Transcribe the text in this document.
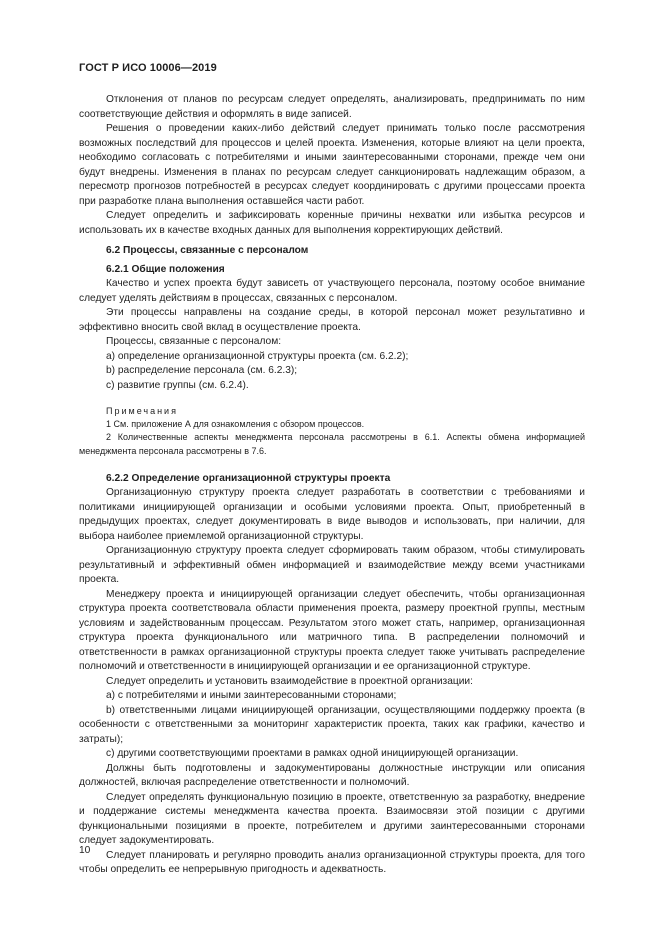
ГОСТ Р ИСО 10006—2019

Отклонения от планов по ресурсам следует определять, анализировать, предпринимать по ним соответствующие действия и оформлять в виде записей.

Решения о проведении каких-либо действий следует принимать только после рассмотрения возможных последствий для процессов и целей проекта. Изменения, которые влияют на цели проекта, необходимо согласовать с потребителями и иными заинтересованными сторонами, прежде чем они будут внедрены. Изменения в планах по ресурсам следует санкционировать надлежащим образом, а пересмотр прогнозов потребностей в ресурсах следует координировать с другими процессами проекта при разработке плана выполнения оставшейся части работ.

Следует определить и зафиксировать коренные причины нехватки или избытка ресурсов и использовать их в качестве входных данных для выполнения корректирующих действий.

6.2 Процессы, связанные с персоналом

6.2.1 Общие положения

Качество и успех проекта будут зависеть от участвующего персонала, поэтому особое внимание следует уделять действиям в процессах, связанных с персоналом.

Эти процессы направлены на создание среды, в которой персонал может результативно и эффективно вносить свой вклад в осуществление проекта.

Процессы, связанные с персоналом:

a) определение организационной структуры проекта (см. 6.2.2);

b) распределение персонала (см. 6.2.3);

c) развитие группы (см. 6.2.4).

Примечания

1 См. приложение А для ознакомления с обзором процессов.

2 Количественные аспекты менеджмента персонала рассмотрены в 6.1. Аспекты обмена информацией менеджмента персонала рассмотрены в 7.6.

6.2.2 Определение организационной структуры проекта

Организационную структуру проекта следует разработать в соответствии с требованиями и политиками инициирующей организации и особыми условиями проекта. Опыт, приобретенный в предыдущих проектах, следует документировать в виде выводов и использовать, при наличии, для выбора наиболее приемлемой организационной структуры.

Организационную структуру проекта следует сформировать таким образом, чтобы стимулировать результативный и эффективный обмен информацией и взаимодействие между всеми участниками проекта.

Менеджеру проекта и инициирующей организации следует обеспечить, чтобы организационная структура проекта соответствовала области применения проекта, размеру проектной группы, местным условиям и задействованным процессам. Результатом этого может стать, например, организационная структура проекта функционального или матричного типа. В распределении полномочий и ответственности в рамках организационной структуры проекта следует также учитывать распределение полномочий и ответственности в инициирующей организации и ее организационной структуре.

Следует определить и установить взаимодействие в проектной организации:

a) с потребителями и иными заинтересованными сторонами;

b) ответственными лицами инициирующей организации, осуществляющими поддержку проекта (в особенности с ответственными за мониторинг характеристик проекта, таких как графики, качество и затраты);

c) другими соответствующими проектами в рамках одной инициирующей организации.

Должны быть подготовлены и задокументированы должностные инструкции или описания должностей, включая распределение ответственности и полномочий.

Следует определять функциональную позицию в проекте, ответственную за разработку, внедрение и поддержание системы менеджмента качества проекта. Взаимосвязи этой позиции с другими функциональными позициями в проекте, потребителем и другими заинтересованными сторонами следует задокументировать.

Следует планировать и регулярно проводить анализ организационной структуры проекта, для того чтобы определить ее непрерывную пригодность и адекватность.

10
